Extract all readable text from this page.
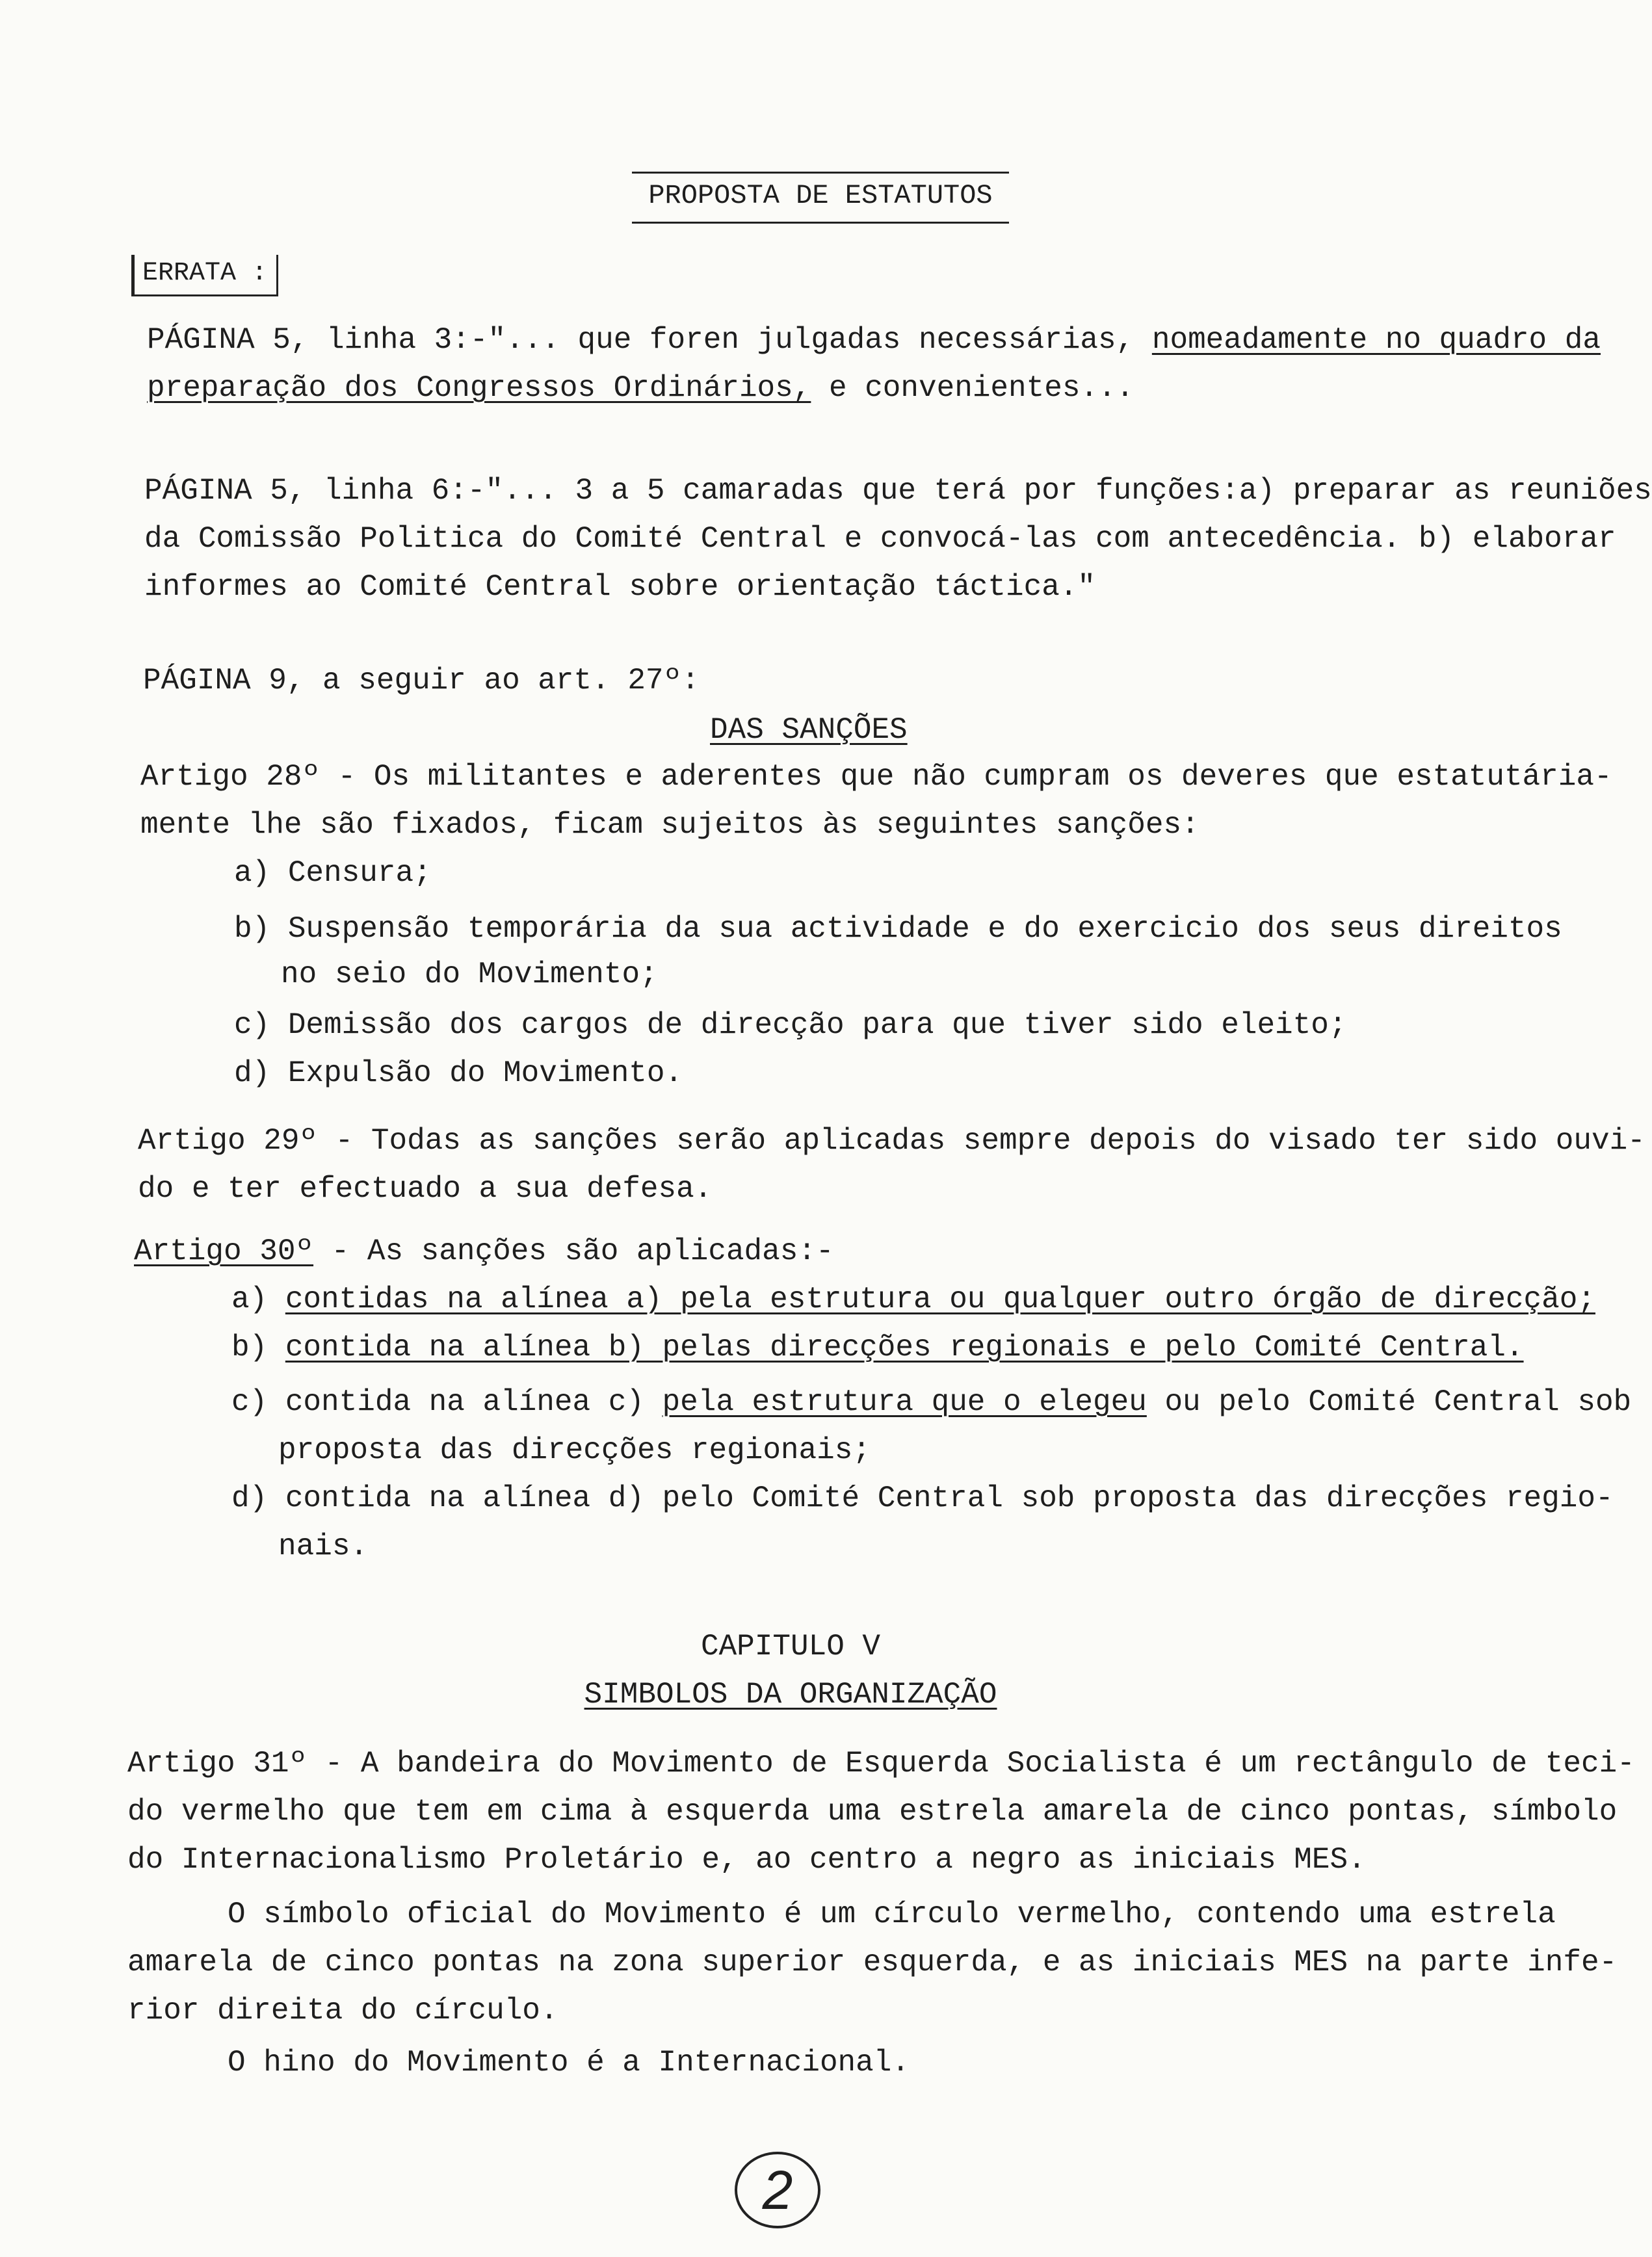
PROPOSTA DE ESTATUTOS
ERRATA :
PÁGINA 5, linha 3:-"... que foren julgadas necessárias, nomeadamente no quadro da
preparação dos Congressos Ordinários, e convenientes...
PÁGINA 5, linha 6:-"... 3 a 5 camaradas que terá por funções:a) preparar as reuniões
da Comissão Politica do Comité Central e convocá-las com antecedência. b) elaborar
informes ao Comité Central sobre orientação táctica."
PÁGINA 9, a seguir ao art. 27º:
DAS SANÇÕES
Artigo 28º - Os militantes e aderentes que não cumpram os deveres que estatutária-
mente lhe são fixados, ficam sujeitos às seguintes sanções:
a) Censura;
b) Suspensão temporária da sua actividade e do exercicio dos seus direitos
no seio do Movimento;
c) Demissão dos cargos de direcção para que tiver sido eleito;
d) Expulsão do Movimento.
Artigo 29º - Todas as sanções serão aplicadas sempre depois do visado ter sido ouvi-
do e ter efectuado a sua defesa.
Artigo 30º - As sanções são aplicadas:-
a) contidas na alínea a) pela estrutura ou qualquer outro órgão de direcção;
b) contida na alínea b) pelas direcções regionais e pelo Comité Central.
c) contida na alínea c) pela estrutura que o elegeu ou pelo Comité Central sob
proposta das direcções regionais;
d) contida na alínea d) pelo Comité Central sob proposta das direcções regio-
nais.
CAPITULO V
SIMBOLOS DA ORGANIZAÇÃO
Artigo 31º - A bandeira do Movimento de Esquerda Socialista é um rectângulo de teci-
do vermelho que tem em cima à esquerda uma estrela amarela de cinco pontas, símbolo
do Internacionalismo Proletário e, ao centro a negro as iniciais MES.
O símbolo oficial do Movimento é um círculo vermelho, contendo uma estrela
amarela de cinco pontas na zona superior esquerda, e as iniciais MES na parte infe-
rior direita do círculo.
O hino do Movimento é a Internacional.
2
